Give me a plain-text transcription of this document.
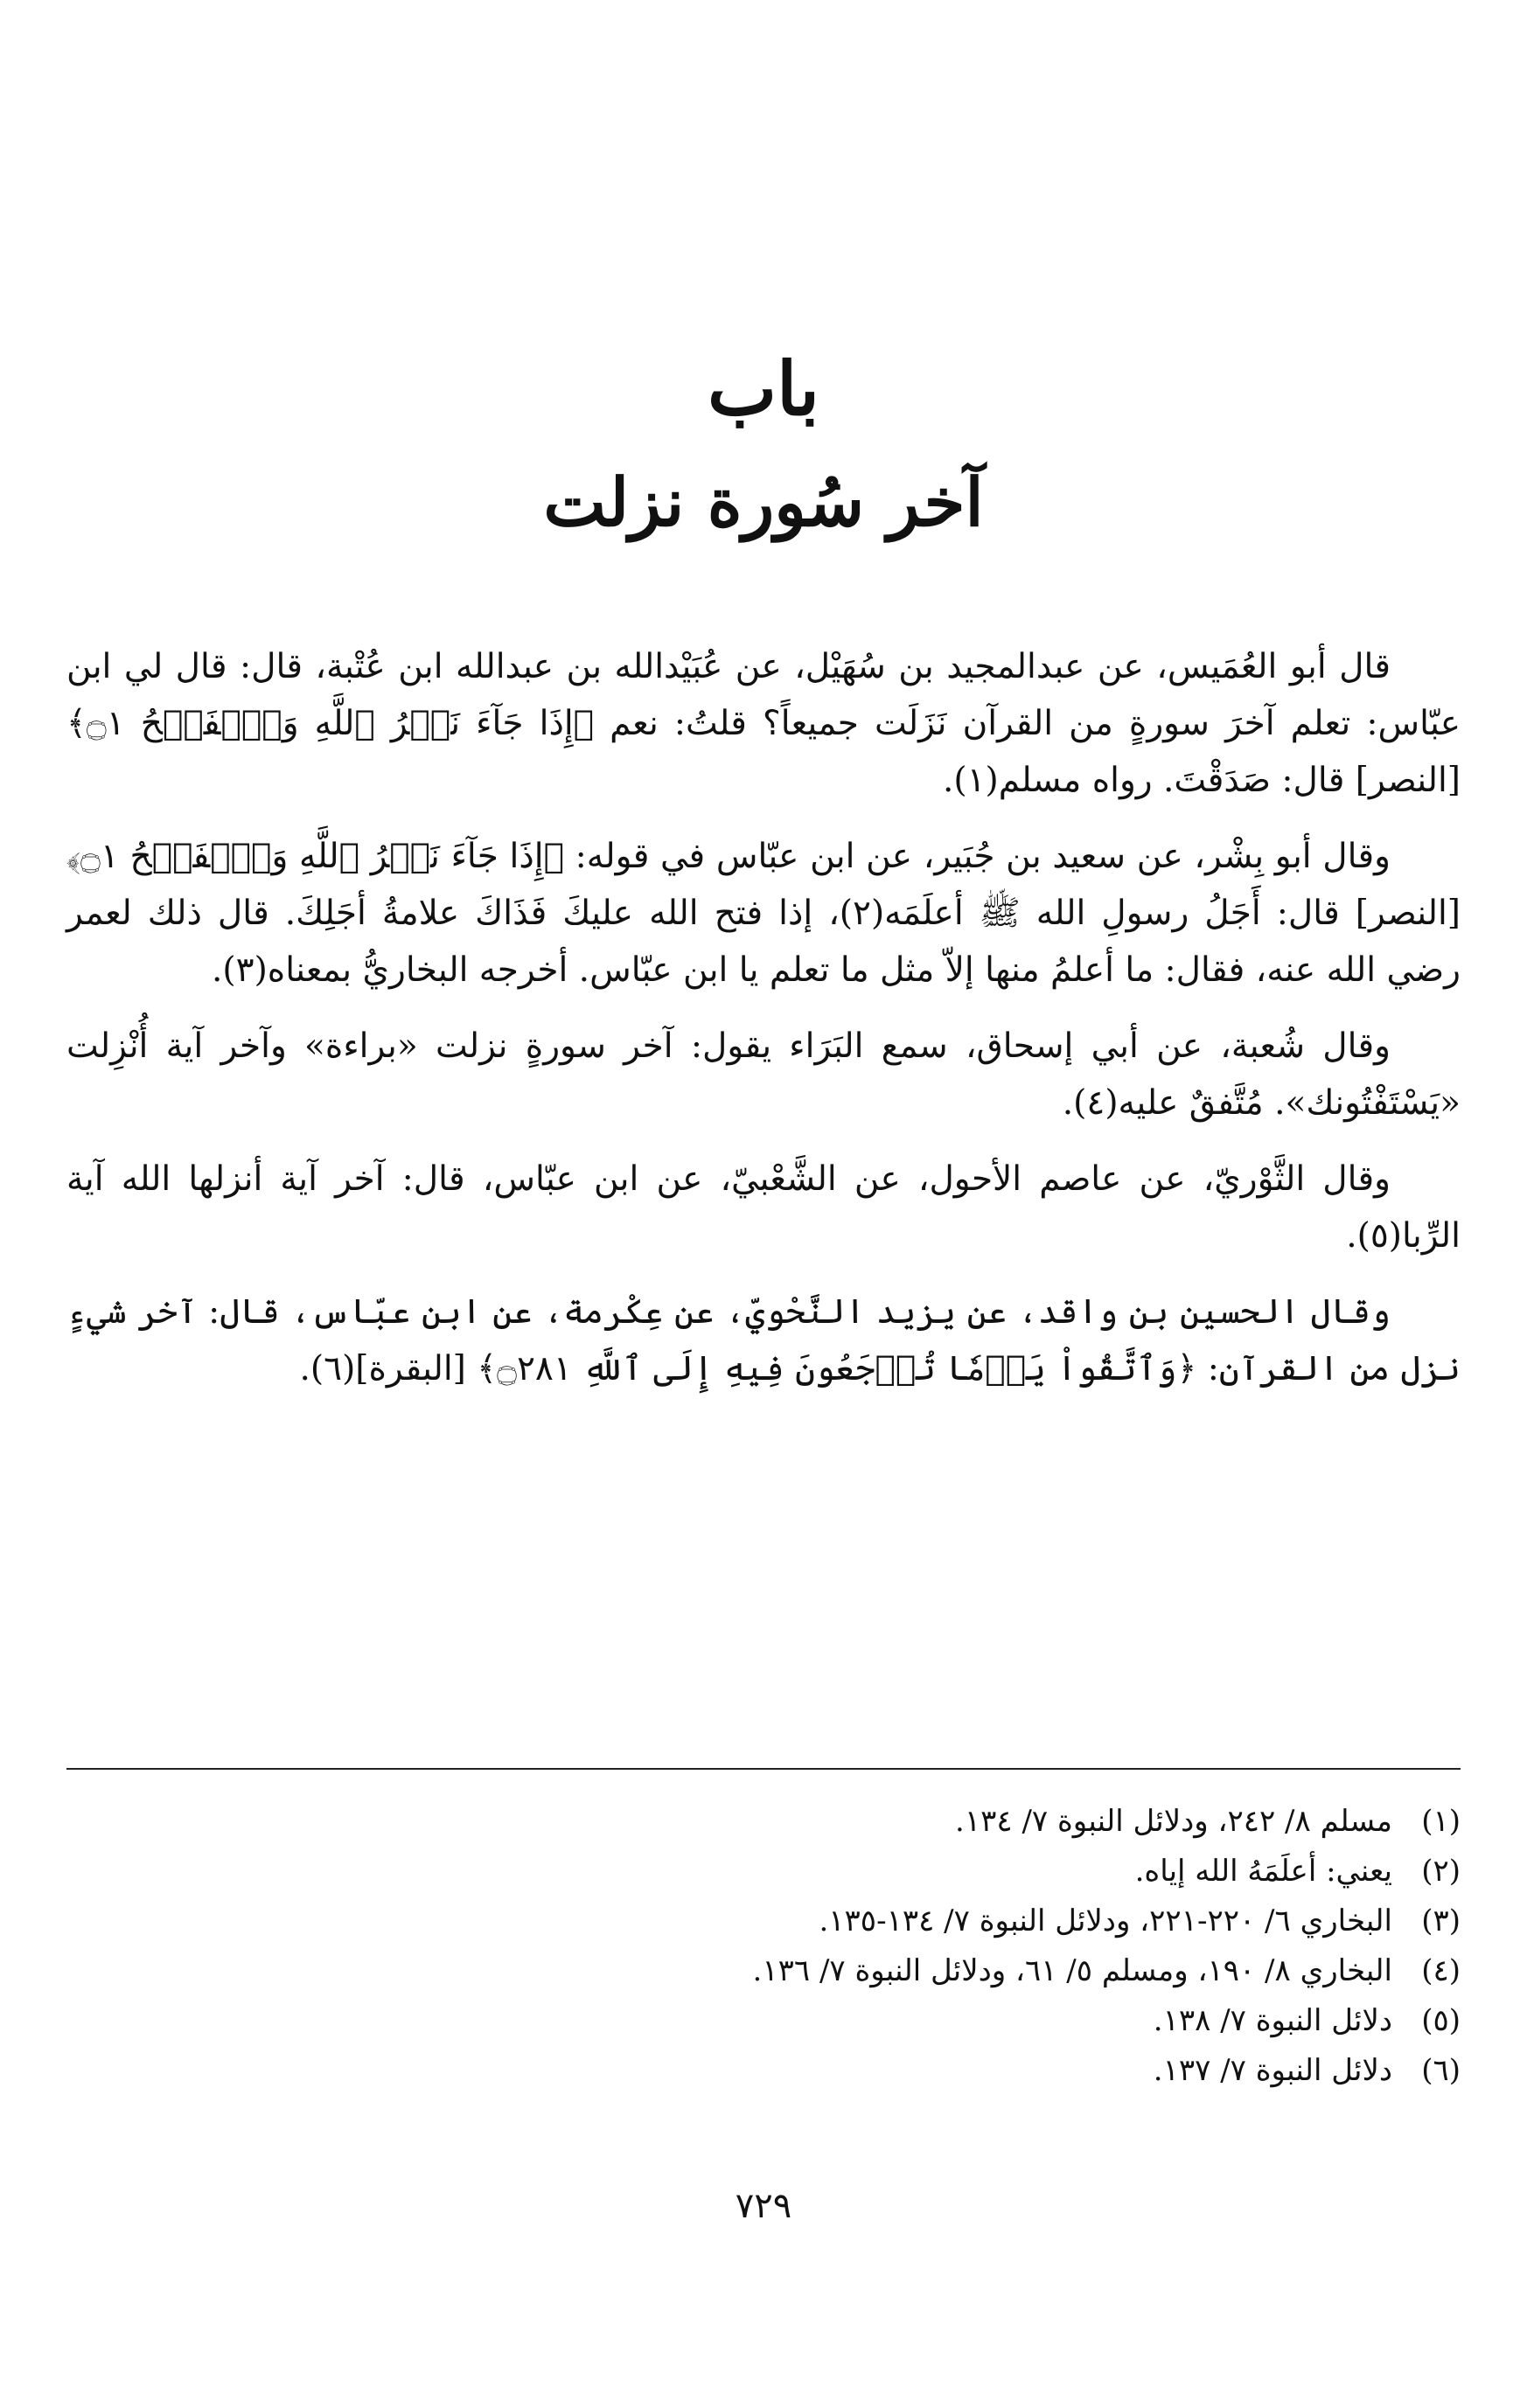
باب
آخر سُورة نزلت

قال أبو العُمَيس، عن عبدالمجيد بن سُهَيْل، عن عُبَيْدالله بن عبدالله ابن عُتْبة، قال: قال لي ابن عبّاس: تعلم آخرَ سورةٍ من القرآن نَزَلَت جميعاً؟ قلتُ: نعم ﴿إِذَا جَآءَ نَصۡرُ ٱللَّهِ وَٱلۡفَتۡحُ ۝١﴾ [النصر] قال: صَدَقْتَ. رواه مسلم(١).

وقال أبو بِشْر، عن سعيد بن جُبَير، عن ابن عبّاس في قوله: ﴿إِذَا جَآءَ نَصۡرُ ٱللَّهِ وَٱلۡفَتۡحُ ۝١﴾ [النصر] قال: أَجَلُ رسولِ الله ﷺ أعلَمَه(٢)، إذا فتح الله عليكَ فَذَاكَ علامةُ أجَلِكَ. قال ذلك لعمر رضي الله عنه، فقال: ما أعلمُ منها إلاّ مثل ما تعلم يا ابن عبّاس. أخرجه البخاريُّ بمعناه(٣).

وقال شُعبة، عن أبي إسحاق، سمع البَرَاء يقول: آخر سورةٍ نزلت «براءة» وآخر آية أُنْزِلت «يَسْتَفْتُونك». مُتَّفقٌ عليه(٤).

وقال الثَّوْريّ، عن عاصم الأحول، عن الشَّعْبيّ، عن ابن عبّاس، قال: آخر آية أنزلها الله آية الرِّبا(٥).

وقال الحسين بن واقد، عن يزيد النَّحْويّ، عن عِكْرمة، عن ابن عبّاس، قال: آخر شيءٍ نزل من القرآن: ﴿وَٱتَّقُواْ يَوۡمٗا تُرۡجَعُونَ فِيهِ إِلَى ٱللَّهِ ۝٢٨١﴾ [البقرة](٦).

(١)
مسلم ٨/ ٢٤٢، ودلائل النبوة ٧/ ١٣٤.
(٢)
يعني: أعلَمَهُ الله إياه.
(٣)
البخاري ٦/ ٢٢٠-٢٢١، ودلائل النبوة ٧/ ١٣٤-١٣٥.
(٤)
البخاري ٨/ ١٩٠، ومسلم ٥/ ٦١، ودلائل النبوة ٧/ ١٣٦.
(٥)
دلائل النبوة ٧/ ١٣٨.
(٦)
دلائل النبوة ٧/ ١٣٧.
٧٢٩
